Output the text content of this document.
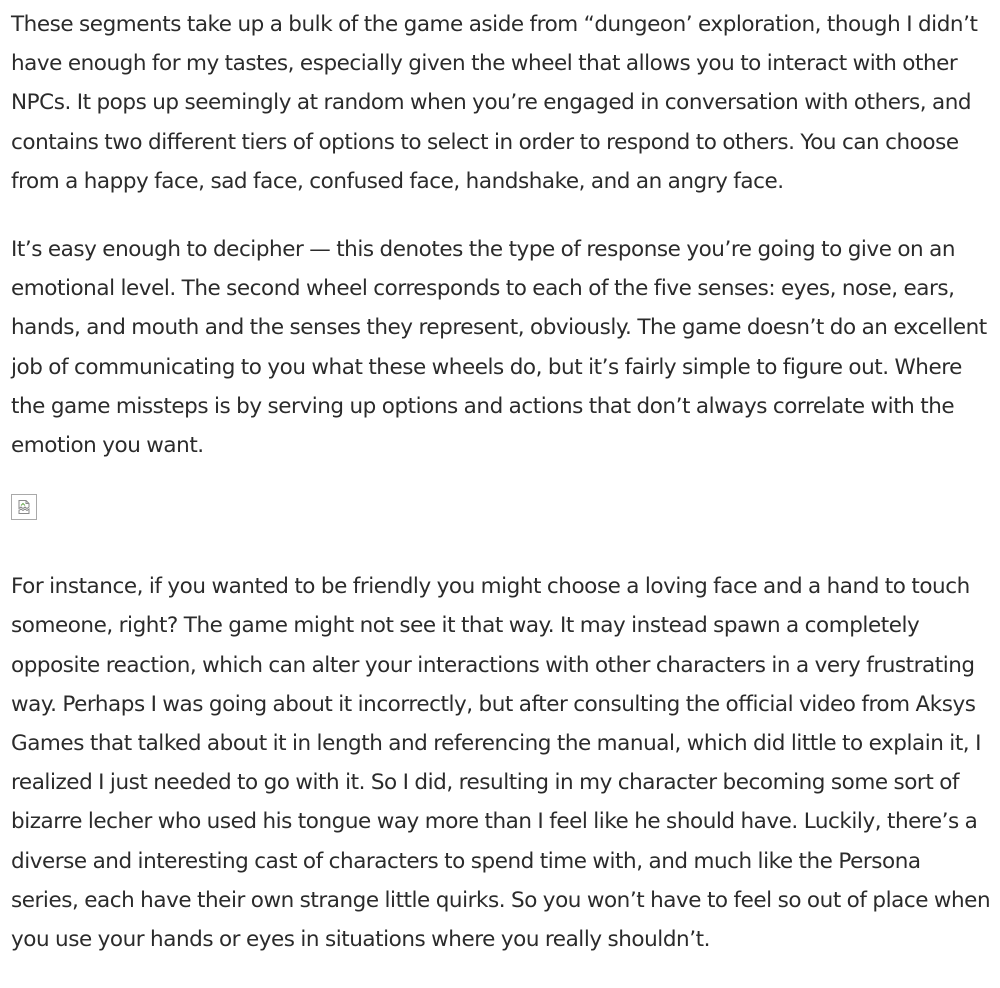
These segments take up a bulk of the game aside from “dungeon’ exploration, though I didn’t have enough for my tastes, especially given the wheel that allows you to interact with other NPCs. It pops up seemingly at random when you’re engaged in conversation with others, and contains two different tiers of options to select in order to respond to others. You can choose from a happy face, sad face, confused face, handshake, and an angry face.

It’s easy enough to decipher — this denotes the type of response you’re going to give on an emotional level. The second wheel corresponds to each of the five senses: eyes, nose, ears, hands, and mouth and the senses they represent, obviously. The game doesn’t do an excellent job of communicating to you what these wheels do, but it’s fairly simple to figure out. Where the game missteps is by serving up options and actions that don’t always correlate with the emotion you want.

For instance, if you wanted to be friendly you might choose a loving face and a hand to touch someone, right? The game might not see it that way. It may instead spawn a completely opposite reaction, which can alter your interactions with other characters in a very frustrating way. Perhaps I was going about it incorrectly, but after consulting the official video from Aksys Games that talked about it in length and referencing the manual, which did little to explain it, I realized I just needed to go with it. So I did, resulting in my character becoming some sort of bizarre lecher who used his tongue way more than I feel like he should have. Luckily, there’s a diverse and interesting cast of characters to spend time with, and much like the Persona series, each have their own strange little quirks. So you won’t have to feel so out of place when you use your hands or eyes in situations where you really shouldn’t.
